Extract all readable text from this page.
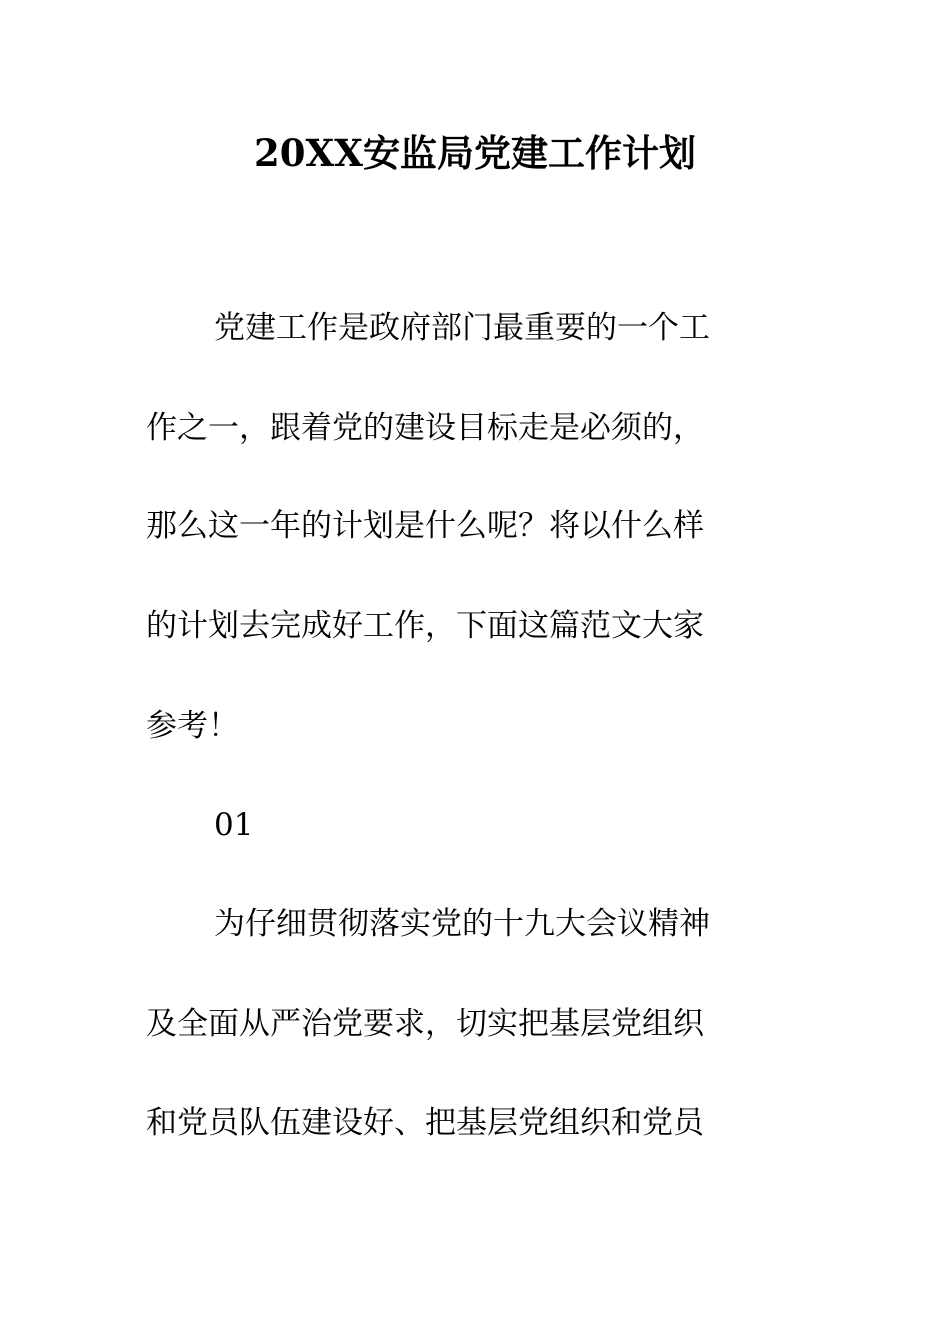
20XX安监局党建工作计划

党建工作是政府部门最重要的一个工

作之一，跟着党的建设目标走是必须的，

那么这一年的计划是什么呢？将以什么样

的计划去完成好工作，下面这篇范文大家

参考！

01

为仔细贯彻落实党的十九大会议精神

及全面从严治党要求，切实把基层党组织

和党员队伍建设好、把基层党组织和党员
